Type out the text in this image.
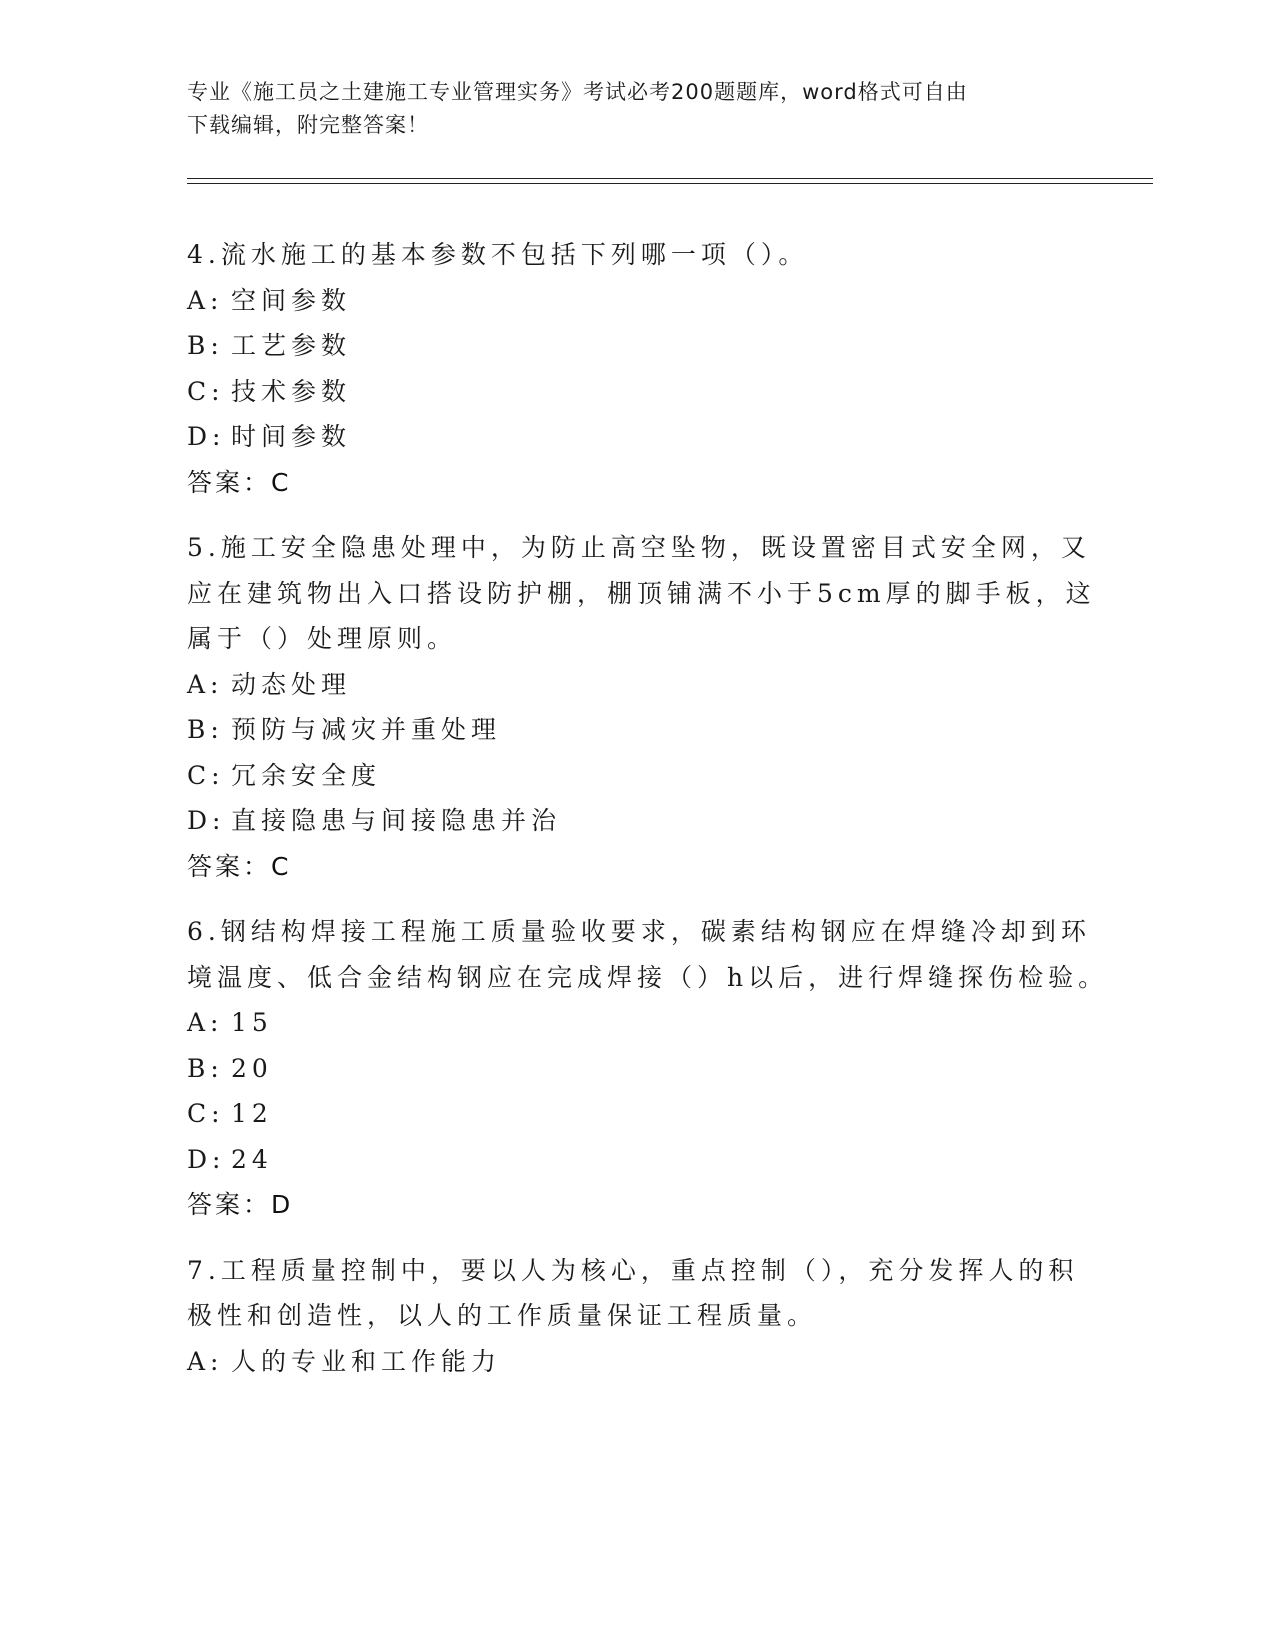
专业《施工员之土建施工专业管理实务》考试必考200题题库，word格式可自由
下载编辑，附完整答案！
4.流水施工的基本参数不包括下列哪一项（）。
A: 空间参数
B: 工艺参数
C: 技术参数
D: 时间参数
答案：C
5.施工安全隐患处理中，为防止高空坠物，既设置密目式安全网，又
应在建筑物出入口搭设防护棚，棚顶铺满不小于5cm厚的脚手板，这
属于（）处理原则。
A: 动态处理
B: 预防与减灾并重处理
C: 冗余安全度
D: 直接隐患与间接隐患并治
答案：C
6.钢结构焊接工程施工质量验收要求，碳素结构钢应在焊缝冷却到环
境温度、低合金结构钢应在完成焊接（）h以后，进行焊缝探伤检验。
A: 15
B: 20
C: 12
D: 24
答案：D
7.工程质量控制中，要以人为核心，重点控制（），充分发挥人的积
极性和创造性，以人的工作质量保证工程质量。
A: 人的专业和工作能力
